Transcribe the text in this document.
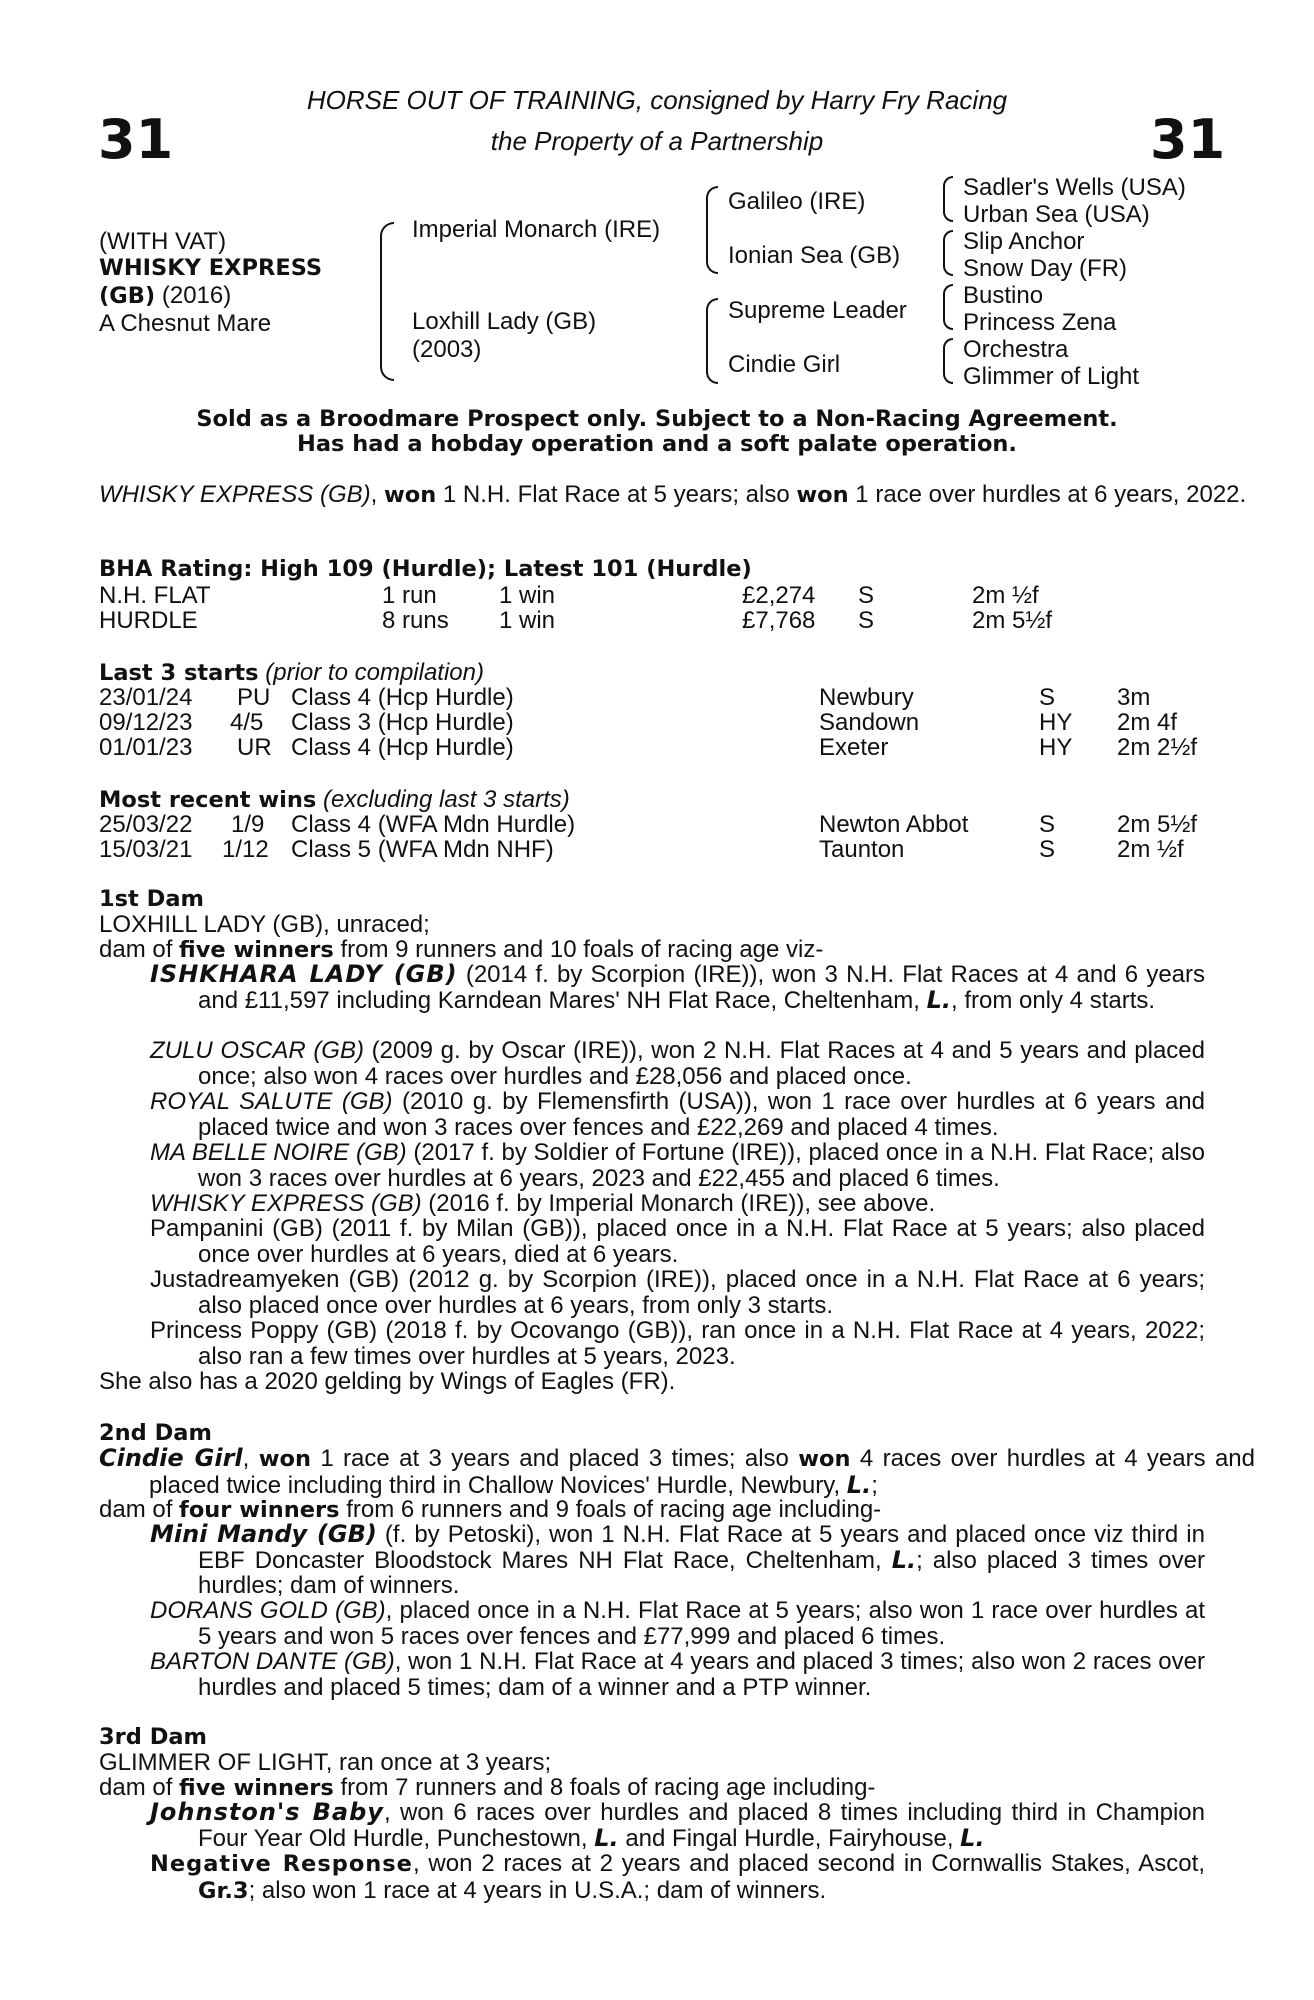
31	31
HORSE OUT OF TRAINING, consigned by Harry Fry Racing
the Property of a Partnership
(WITH VAT)
WHISKY EXPRESS
(GB) (2016)
A Chesnut Mare
Imperial Monarch (IRE)
Loxhill Lady (GB)
(2003)
Galileo (IRE)
Ionian Sea (GB)
Supreme Leader
Cindie Girl
Sadler's Wells (USA)
Urban Sea (USA)
Slip Anchor
Snow Day (FR)
Bustino
Princess Zena
Orchestra
Glimmer of Light
Sold as a Broodmare Prospect only. Subject to a Non-Racing Agreement.
Has had a hobday operation and a soft palate operation.
WHISKY EXPRESS (GB), won 1 N.H. Flat Race at 5 years; also won 1 race over hurdles at 6 years, 2022.
BHA Rating: High 109 (Hurdle); Latest 101 (Hurdle)
N.H. FLAT	1 run	1 win	£2,274 S	2m ½f
HURDLE	8 runs 1 win	£7,768 S	2m 5½f
Last 3 starts (prior to compilation)
23/01/24 PU Class 4 (Hcp Hurdle)	Newbury	S	3m
09/12/23 4/5 Class 3 (Hcp Hurdle)	Sandown	HY 2m 4f
01/01/23 UR Class 4 (Hcp Hurdle)	Exeter	HY 2m 2½f
Most recent wins (excluding last 3 starts)
25/03/22 1/9 Class 4 (WFA Mdn Hurdle)	Newton Abbot	S	2m 5½f
15/03/21 1/12 Class 5 (WFA Mdn NHF)	Taunton	S	2m ½f
1st Dam
LOXHILL LADY (GB), unraced;
dam of five winners from 9 runners and 10 foals of racing age viz-
ISHKHARA LADY (GB) (2014 f. by Scorpion (IRE)), won 3 N.H. Flat Races at 4 and 6 years and £11,597 including Karndean Mares' NH Flat Race, Cheltenham, L., from only 4 starts.
ZULU OSCAR (GB) (2009 g. by Oscar (IRE)), won 2 N.H. Flat Races at 4 and 5 years and placed once; also won 4 races over hurdles and £28,056 and placed once.
ROYAL SALUTE (GB) (2010 g. by Flemensfirth (USA)), won 1 race over hurdles at 6 years and placed twice and won 3 races over fences and £22,269 and placed 4 times.
MA BELLE NOIRE (GB) (2017 f. by Soldier of Fortune (IRE)), placed once in a N.H. Flat Race; also won 3 races over hurdles at 6 years, 2023 and £22,455 and placed 6 times.
WHISKY EXPRESS (GB) (2016 f. by Imperial Monarch (IRE)), see above.
Pampanini (GB) (2011 f. by Milan (GB)), placed once in a N.H. Flat Race at 5 years; also placed once over hurdles at 6 years, died at 6 years.
Justadreamyeken (GB) (2012 g. by Scorpion (IRE)), placed once in a N.H. Flat Race at 6 years; also placed once over hurdles at 6 years, from only 3 starts.
Princess Poppy (GB) (2018 f. by Ocovango (GB)), ran once in a N.H. Flat Race at 4 years, 2022; also ran a few times over hurdles at 5 years, 2023.
She also has a 2020 gelding by Wings of Eagles (FR).
2nd Dam
Cindie Girl, won 1 race at 3 years and placed 3 times; also won 4 races over hurdles at 4 years and placed twice including third in Challow Novices' Hurdle, Newbury, L.;
dam of four winners from 6 runners and 9 foals of racing age including-
Mini Mandy (GB) (f. by Petoski), won 1 N.H. Flat Race at 5 years and placed once viz third in EBF Doncaster Bloodstock Mares NH Flat Race, Cheltenham, L.; also placed 3 times over hurdles; dam of winners.
DORANS GOLD (GB), placed once in a N.H. Flat Race at 5 years; also won 1 race over hurdles at 5 years and won 5 races over fences and £77,999 and placed 6 times.
BARTON DANTE (GB), won 1 N.H. Flat Race at 4 years and placed 3 times; also won 2 races over hurdles and placed 5 times; dam of a winner and a PTP winner.
3rd Dam
GLIMMER OF LIGHT, ran once at 3 years;
dam of five winners from 7 runners and 8 foals of racing age including-
Johnston's Baby, won 6 races over hurdles and placed 8 times including third in Champion Four Year Old Hurdle, Punchestown, L. and Fingal Hurdle, Fairyhouse, L.
Negative Response, won 2 races at 2 years and placed second in Cornwallis Stakes, Ascot, Gr.3; also won 1 race at 4 years in U.S.A.; dam of winners.
